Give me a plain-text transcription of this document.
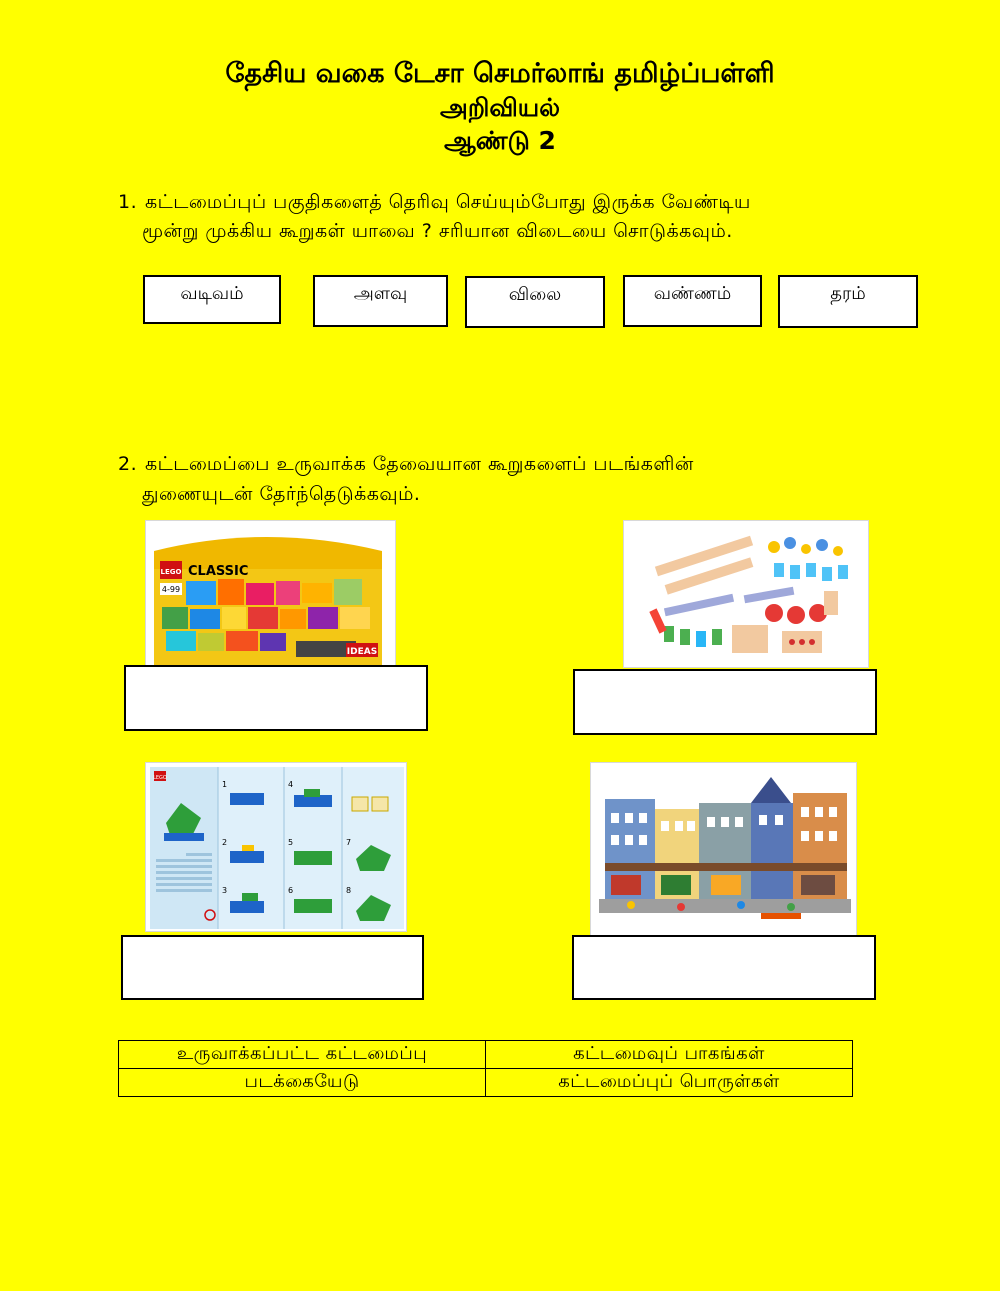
தேசிய வகை டேசா செமர்லாங் தமிழ்ப்பள்ளி
அறிவியல்
ஆண்டு 2
1. கட்டமைப்புப் பகுதிகளைத் தெரிவு செய்யும்போது இருக்க வேண்டிய
மூன்று முக்கிய கூறுகள் யாவை ? சரியான விடையை சொடுக்கவும்.
வடிவம்	அளவு	விலை	வண்ணம்	தரம்
2. கட்டமைப்பை உருவாக்க தேவையான கூறுகளைப் படங்களின்
துணையுடன் தேர்ந்தெடுக்கவும்.
LEGO CLASSIC
4-99
IDEAS
LEGO
1
2
3
4
5
6
7
8
உருவாக்கப்பட்ட கட்டமைப்பு	கட்டமைவுப் பாகங்கள்
படக்கையேடு	கட்டமைப்புப் பொருள்கள்
